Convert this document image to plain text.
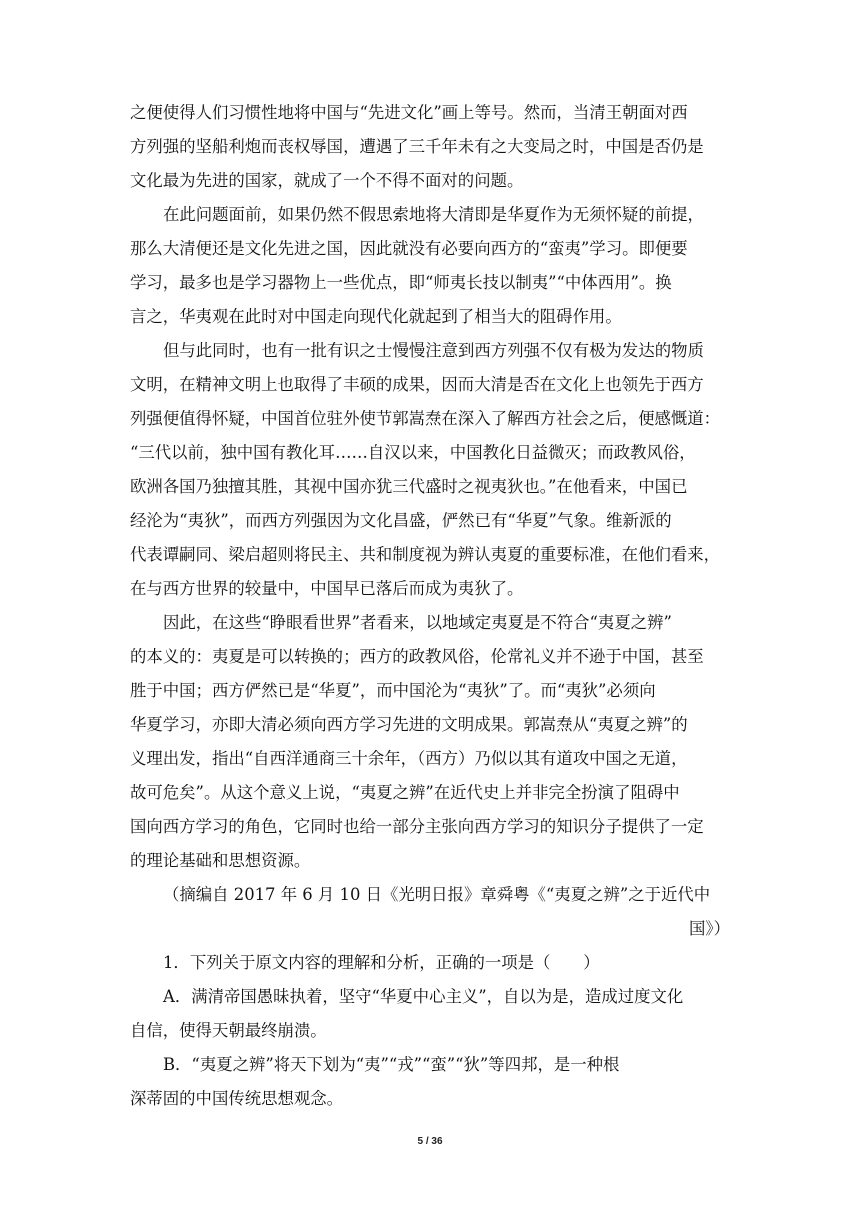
之便使得人们习惯性地将中国与“先进文化”画上等号。然而，当清王朝面对西
方列强的坚船利炮而丧权辱国，遭遇了三千年未有之大变局之时，中国是否仍是
文化最为先进的国家，就成了一个不得不面对的问题。
在此问题面前，如果仍然不假思索地将大清即是华夏作为无须怀疑的前提，
那么大清便还是文化先进之国，因此就没有必要向西方的“蛮夷”学习。即便要
学习，最多也是学习器物上一些优点，即“师夷长技以制夷”“中体西用”。换
言之，华夷观在此时对中国走向现代化就起到了相当大的阻碍作用。
但与此同时，也有一批有识之士慢慢注意到西方列强不仅有极为发达的物质
文明，在精神文明上也取得了丰硕的成果，因而大清是否在文化上也领先于西方
列强便值得怀疑，中国首位驻外使节郭嵩焘在深入了解西方社会之后，便感慨道：
“三代以前，独中国有教化耳……自汉以来，中国教化日益微灭；而政教风俗，
欧洲各国乃独擅其胜，其视中国亦犹三代盛时之视夷狄也。”在他看来，中国已
经沦为“夷狄”，而西方列强因为文化昌盛，俨然已有“华夏”气象。维新派的
代表谭嗣同、梁启超则将民主、共和制度视为辨认夷夏的重要标准，在他们看来，
在与西方世界的较量中，中国早已落后而成为夷狄了。
因此，在这些“睁眼看世界”者看来，以地域定夷夏是不符合“夷夏之辨”
的本义的：夷夏是可以转换的；西方的政教风俗，伦常礼义并不逊于中国，甚至
胜于中国；西方俨然已是“华夏”，而中国沦为“夷狄”了。而“夷狄”必须向
华夏学习，亦即大清必须向西方学习先进的文明成果。郭嵩焘从“夷夏之辨”的
义理出发，指出“自西洋通商三十余年，（西方）乃似以其有道攻中国之无道，
故可危矣”。从这个意义上说，“夷夏之辨”在近代史上并非完全扮演了阻碍中
国向西方学习的角色，它同时也给一部分主张向西方学习的知识分子提供了一定
的理论基础和思想资源。
（摘编自 2017 年 6 月 10 日《光明日报》章舜粤《“夷夏之辨”之于近代中
国》）
1．下列关于原文内容的理解和分析，正确的一项是（　　）
A．满清帝国愚昧执着，坚守“华夏中心主义”，自以为是，造成过度文化
自信，使得天朝最终崩溃。
B．“夷夏之辨”将天下划为“夷”“戎”“蛮”“狄”等四邦，是一种根
深蒂固的中国传统思想观念。
5 / 36
